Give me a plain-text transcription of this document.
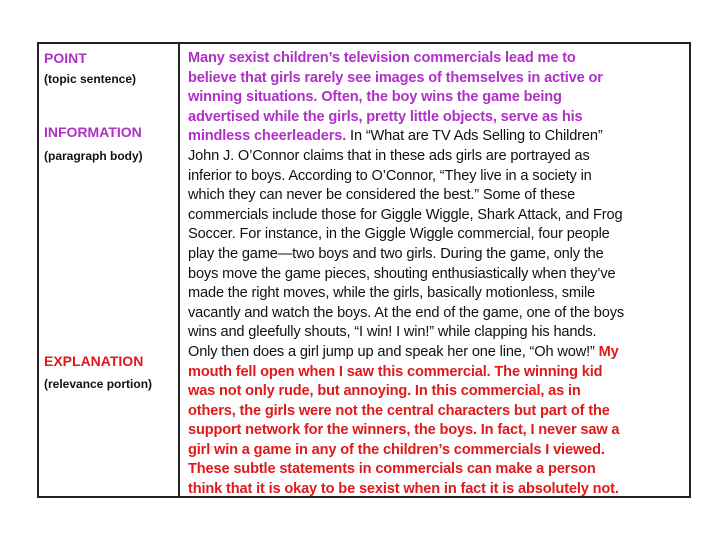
POINT
(topic sentence)
INFORMATION
(paragraph body)
EXPLANATION
(relevance portion)
Many sexist children’s television commercials lead me to
believe that girls rarely see images of themselves in active or
winning situations. Often, the boy wins the game being
advertised while the girls, pretty little objects, serve as his
mindless cheerleaders. In “What are TV Ads Selling to Children”
John J. O’Connor claims that in these ads girls are portrayed as
inferior to boys. According to O’Connor, “They live in a society in
which they can never be considered the best.” Some of these
commercials include those for Giggle Wiggle, Shark Attack, and Frog
Soccer. For instance, in the Giggle Wiggle commercial, four people
play the game—two boys and two girls. During the game, only the
boys move the game pieces, shouting enthusiastically when they’ve
made the right moves, while the girls, basically motionless, smile
vacantly and watch the boys. At the end of the game, one of the boys
wins and gleefully shouts, “I win! I win!” while clapping his hands.
Only then does a girl jump up and speak her one line, “Oh wow!” My
mouth fell open when I saw this commercial. The winning kid
was not only rude, but annoying. In this commercial, as in
others, the girls were not the central characters but part of the
support network for the winners, the boys. In fact, I never saw a
girl win a game in any of the children’s commercials I viewed.
These subtle statements in commercials can make a person
think that it is okay to be sexist when in fact it is absolutely not.
